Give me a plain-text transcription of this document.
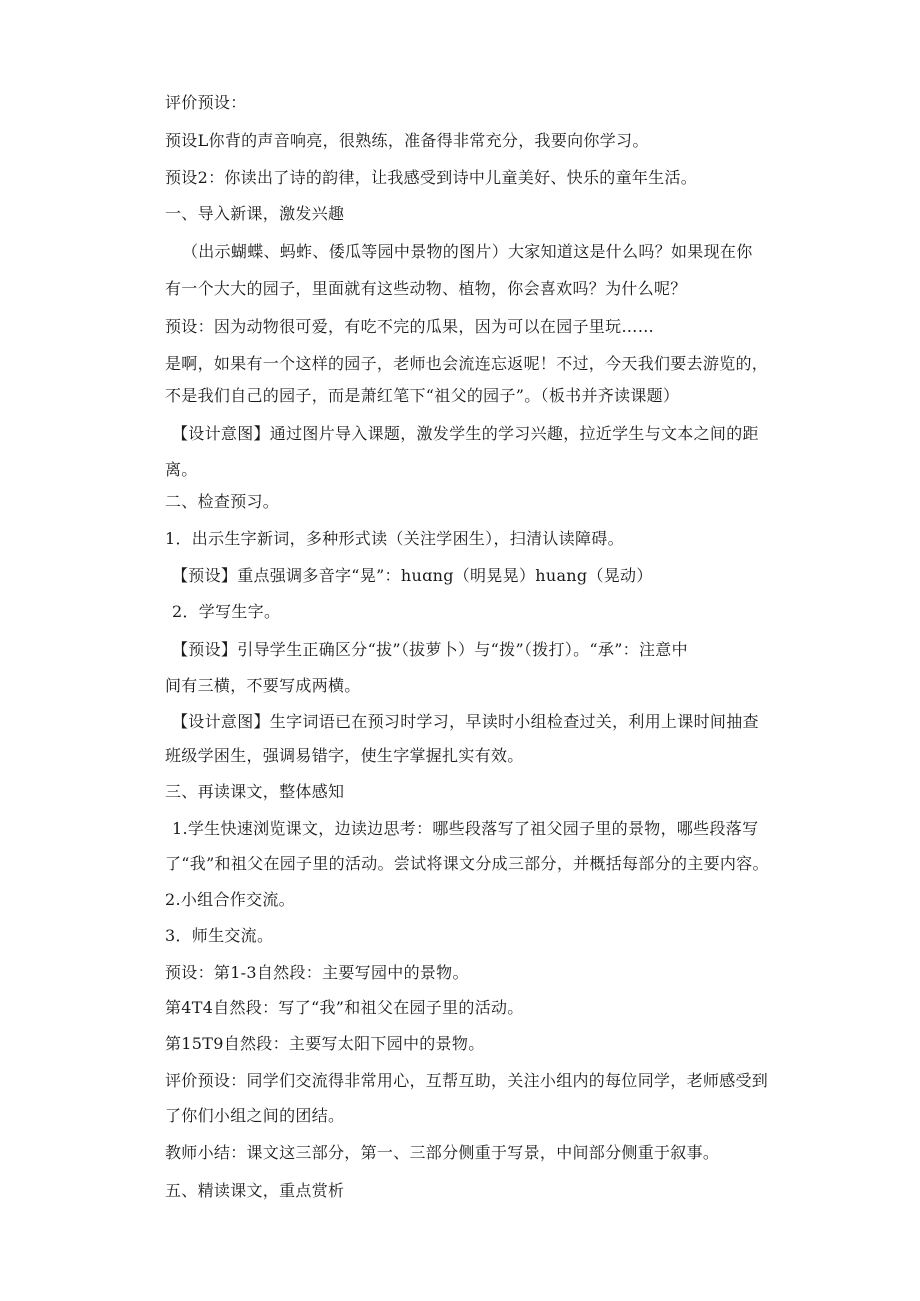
评价预设：
预设L你背的声音响亮，很熟练，准备得非常充分，我要向你学习。
预设2：你读出了诗的韵律，让我感受到诗中儿童美好、快乐的童年生活。
一、导入新课，激发兴趣
（出示蝴蝶、蚂蚱、倭瓜等园中景物的图片）大家知道这是什么吗？如果现在你
有一个大大的园子，里面就有这些动物、植物，你会喜欢吗？为什么呢？
预设：因为动物很可爱，有吃不完的瓜果，因为可以在园子里玩……
是啊，如果有一个这样的园子，老师也会流连忘返呢！不过，今天我们要去游览的，
不是我们自己的园子，而是萧红笔下“祖父的园子”。（板书并齐读课题）
【设计意图】通过图片导入课题，激发学生的学习兴趣，拉近学生与文本之间的距
离。
二、检查预习。
1．出示生字新词，多种形式读（关注学困生），扫清认读障碍。
【预设】重点强调多音字“晃”：huɑng（明晃晃）huang（晃动）
2．学写生字。
【预设】引导学生正确区分“拔”（拔萝卜）与“拨”（拨打）。“承”：注意中
间有三横，不要写成两横。
【设计意图】生字词语已在预习时学习，早读时小组检查过关，利用上课时间抽查
班级学困生，强调易错字，使生字掌握扎实有效。
三、再读课文，整体感知
1.学生快速浏览课文，边读边思考：哪些段落写了祖父园子里的景物，哪些段落写
了“我”和祖父在园子里的活动。尝试将课文分成三部分，并概括每部分的主要内容。
2.小组合作交流。
3．师生交流。
预设：第1-3自然段：主要写园中的景物。
第4T4自然段：写了“我”和祖父在园子里的活动。
第15T9自然段：主要写太阳下园中的景物。
评价预设：同学们交流得非常用心，互帮互助，关注小组内的每位同学，老师感受到
了你们小组之间的团结。
教师小结：课文这三部分，第一、三部分侧重于写景，中间部分侧重于叙事。
五、精读课文，重点赏析
